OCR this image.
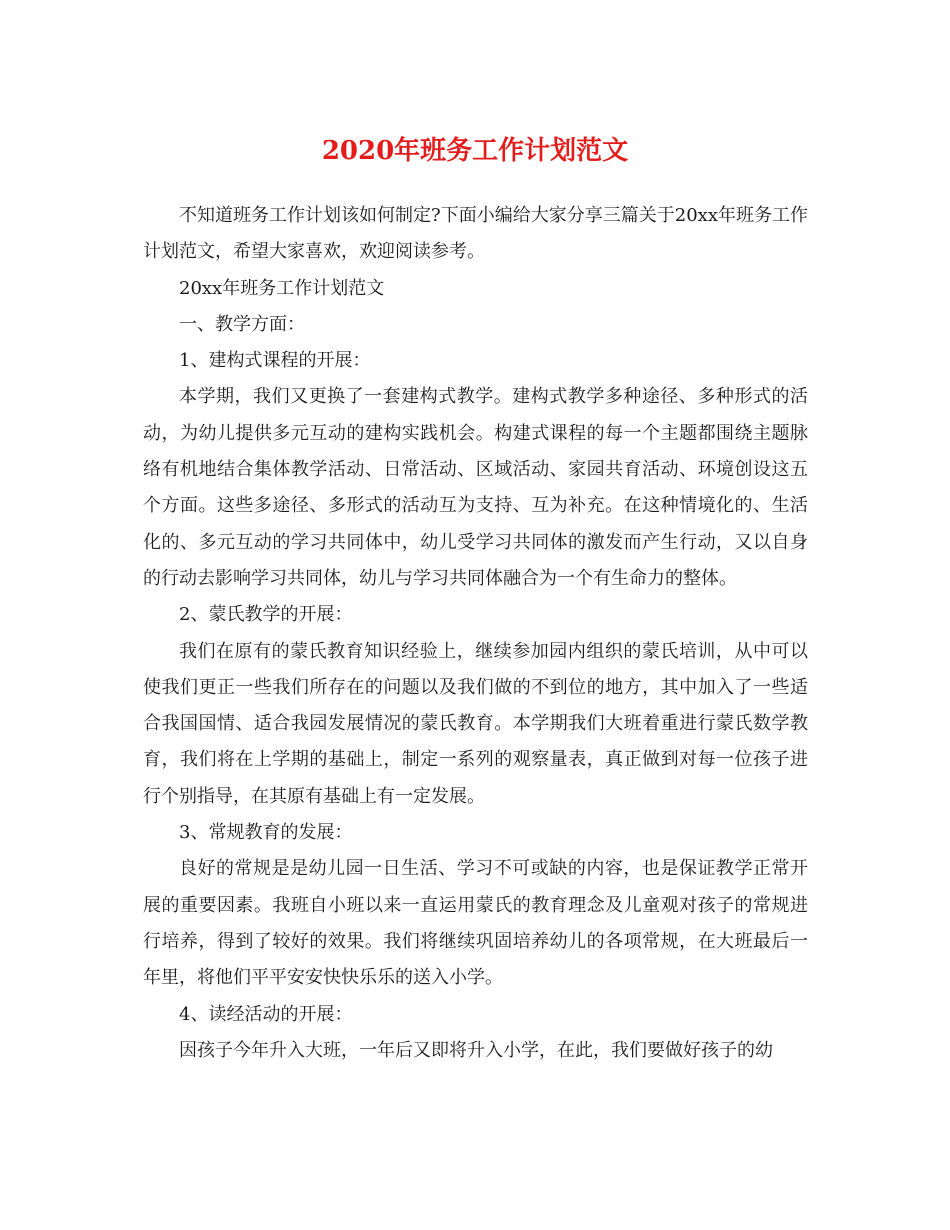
2020年班务工作计划范文

不知道班务工作计划该如何制定?下面小编给大家分享三篇关于20xx年班务工作计划范文，希望大家喜欢，欢迎阅读参考。

20xx年班务工作计划范文

一、教学方面：

1、建构式课程的开展：

本学期，我们又更换了一套建构式教学。建构式教学多种途径、多种形式的活动，为幼儿提供多元互动的建构实践机会。构建式课程的每一个主题都围绕主题脉络有机地结合集体教学活动、日常活动、区域活动、家园共育活动、环境创设这五个方面。这些多途径、多形式的活动互为支持、互为补充。在这种情境化的、生活化的、多元互动的学习共同体中，幼儿受学习共同体的激发而产生行动，又以自身的行动去影响学习共同体，幼儿与学习共同体融合为一个有生命力的整体。

2、蒙氏教学的开展：

我们在原有的蒙氏教育知识经验上，继续参加园内组织的蒙氏培训，从中可以使我们更正一些我们所存在的问题以及我们做的不到位的地方，其中加入了一些适合我国国情、适合我园发展情况的蒙氏教育。本学期我们大班着重进行蒙氏数学教育，我们将在上学期的基础上，制定一系列的观察量表，真正做到对每一位孩子进行个别指导，在其原有基础上有一定发展。

3、常规教育的发展：

良好的常规是是幼儿园一日生活、学习不可或缺的内容，也是保证教学正常开展的重要因素。我班自小班以来一直运用蒙氏的教育理念及儿童观对孩子的常规进行培养，得到了较好的效果。我们将继续巩固培养幼儿的各项常规，在大班最后一年里，将他们平平安安快快乐乐的送入小学。

4、读经活动的开展：

因孩子今年升入大班，一年后又即将升入小学，在此，我们要做好孩子的幼
